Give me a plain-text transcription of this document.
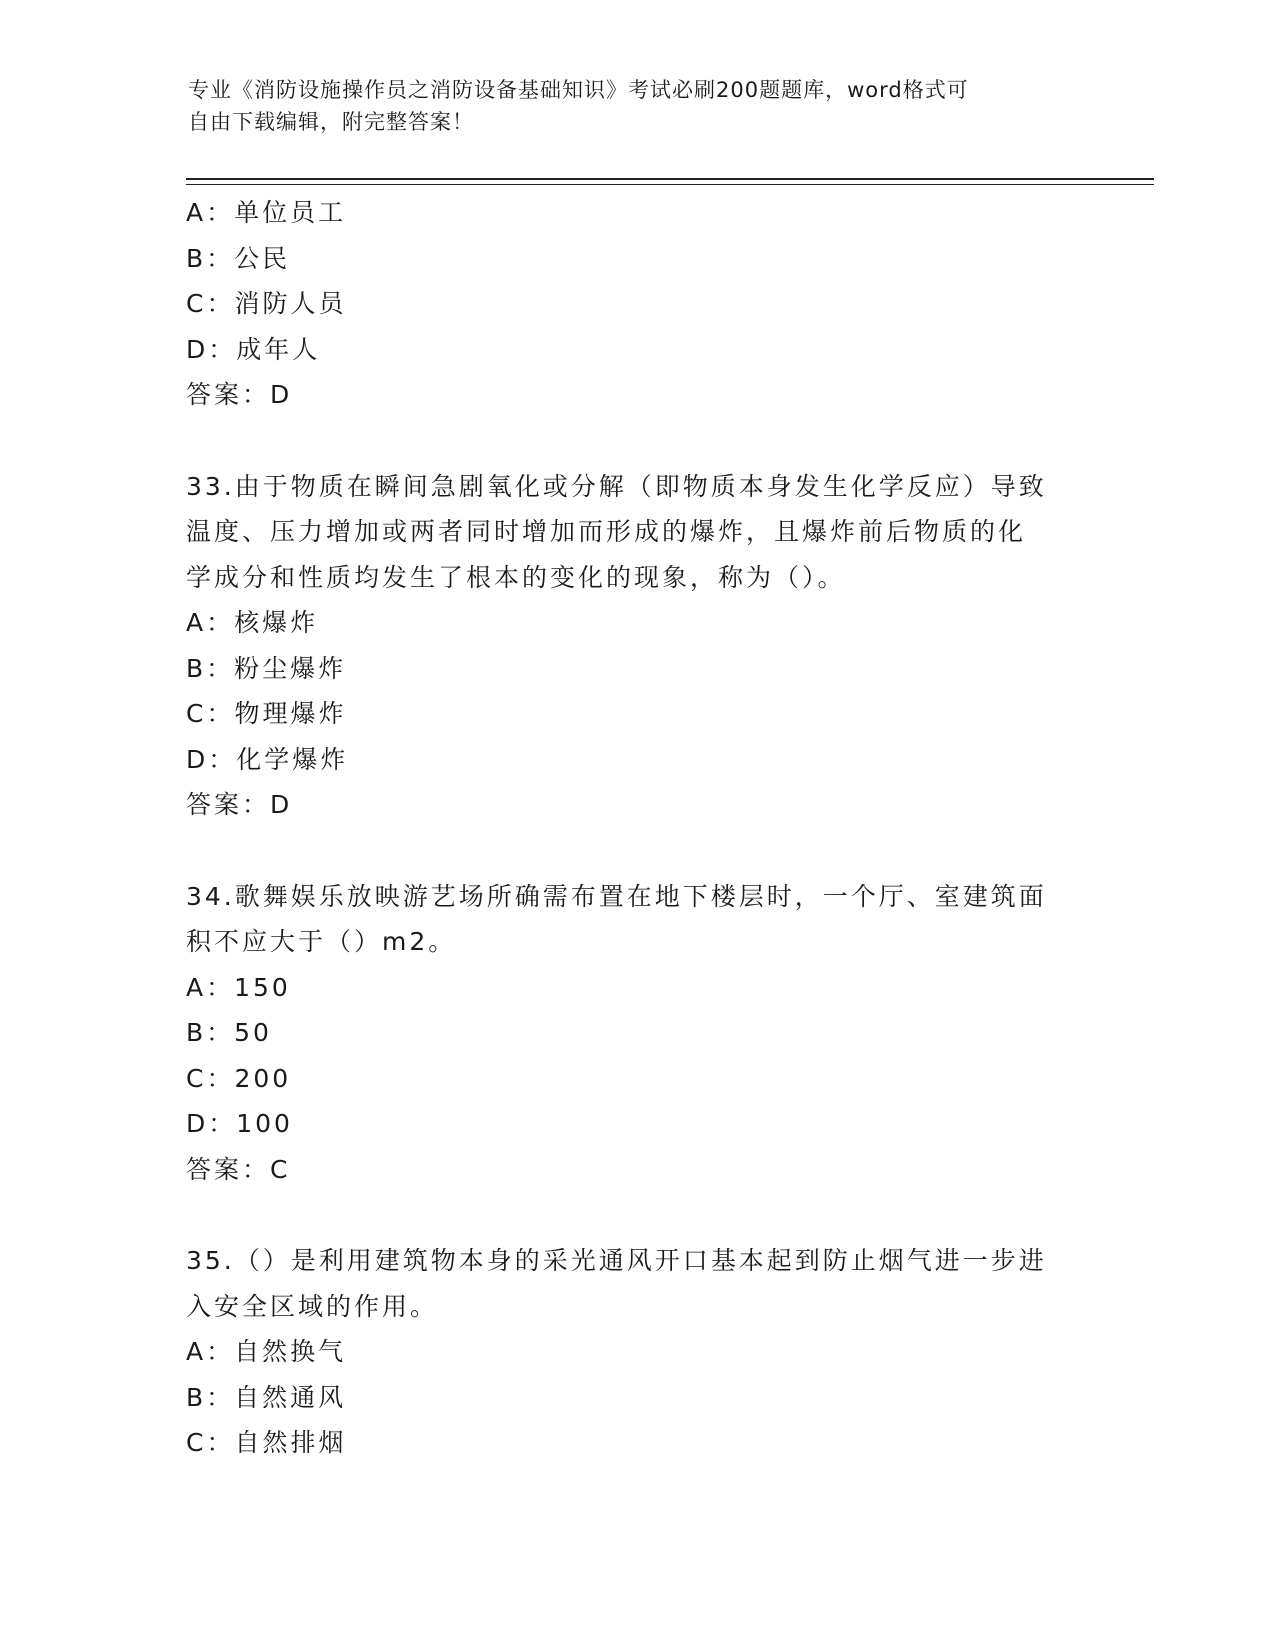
专业《消防设施操作员之消防设备基础知识》考试必刷200题题库，word格式可
自由下载编辑，附完整答案！
A：单位员工
B：公民
C：消防人员
D：成年人
答案：D
33.由于物质在瞬间急剧氧化或分解（即物质本身发生化学反应）导致
温度、压力增加或两者同时增加而形成的爆炸，且爆炸前后物质的化
学成分和性质均发生了根本的变化的现象，称为（）。
A：核爆炸
B：粉尘爆炸
C：物理爆炸
D：化学爆炸
答案：D
34.歌舞娱乐放映游艺场所确需布置在地下楼层时，一个厅、室建筑面
积不应大于（）m2。
A：150
B：50
C：200
D：100
答案：C
35.（）是利用建筑物本身的采光通风开口基本起到防止烟气进一步进
入安全区域的作用。
A：自然换气
B：自然通风
C：自然排烟
